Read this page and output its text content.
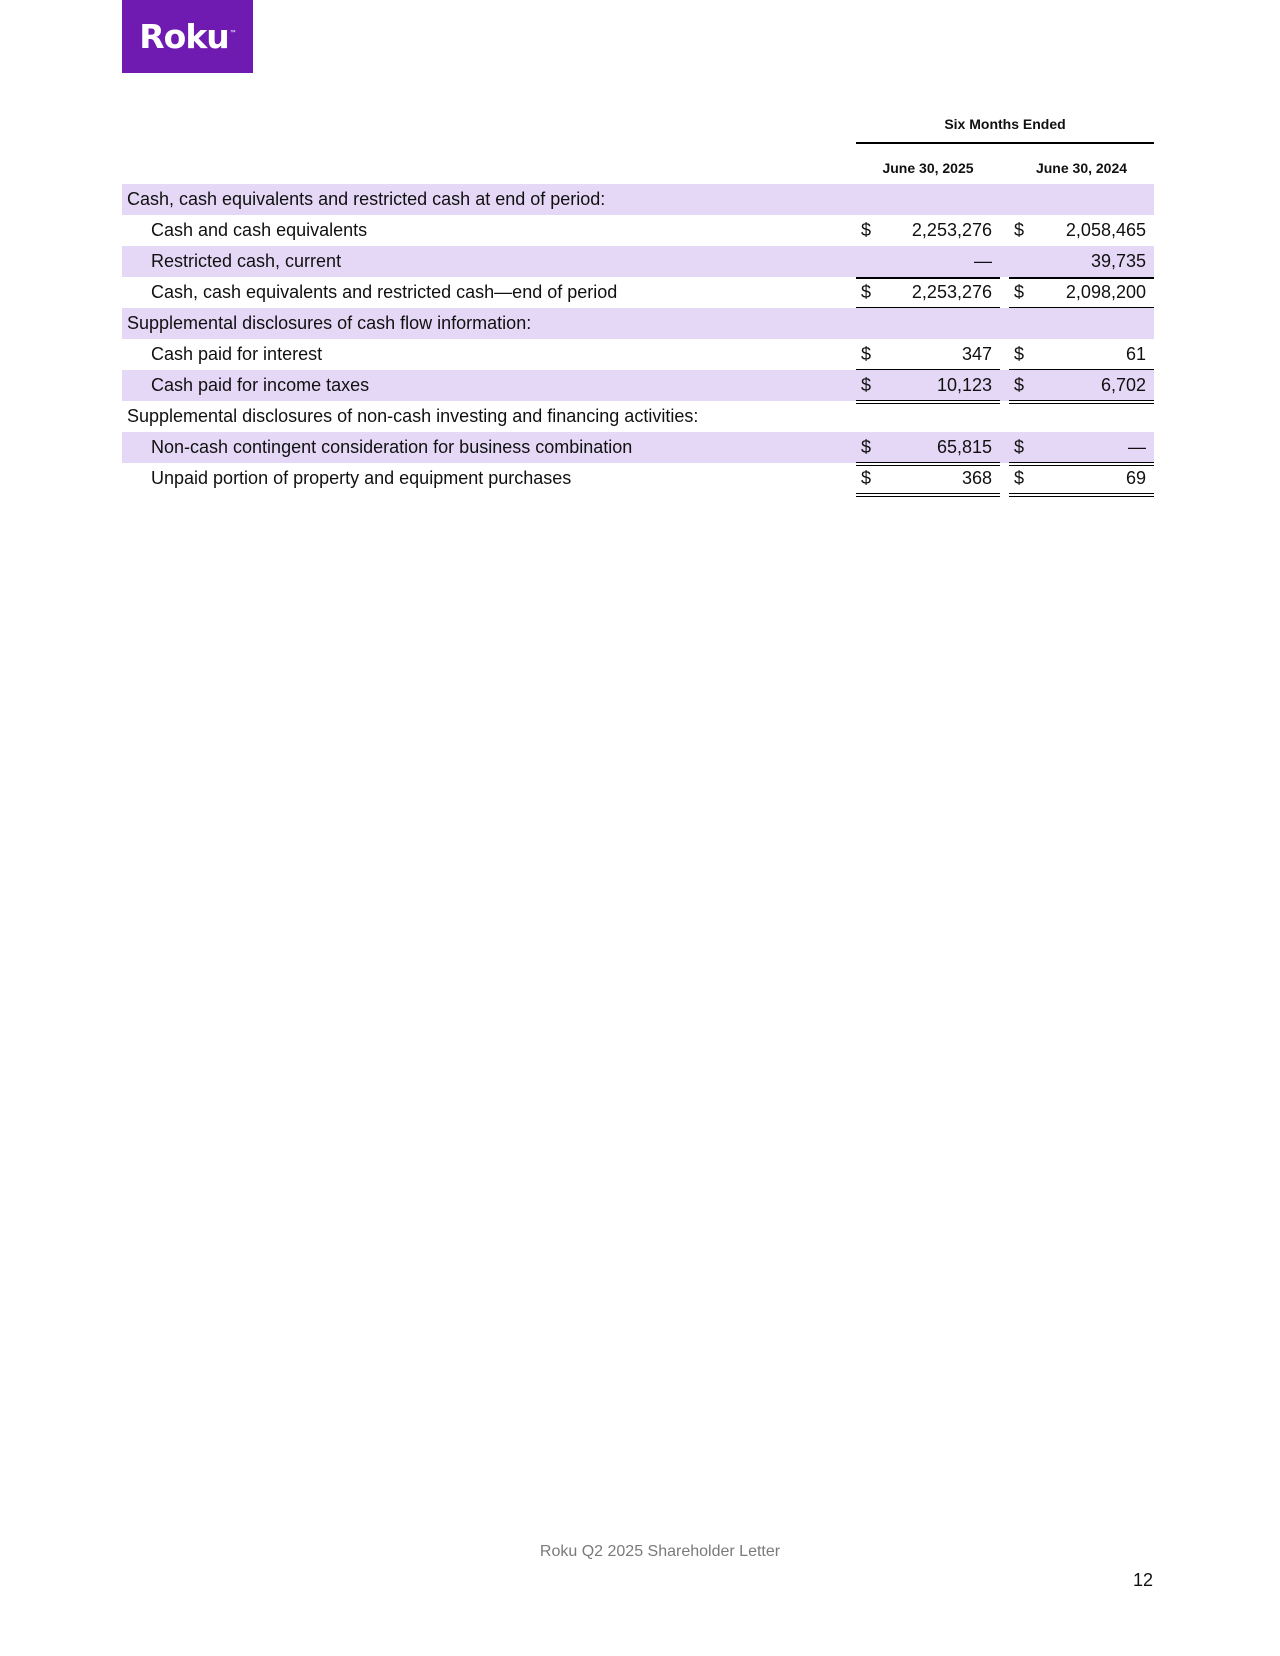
Roku ™
Six Months Ended
June 30, 2025	June 30, 2024
Cash, cash equivalents and restricted cash at end of period:
Cash and cash equivalents	$ 2,253,276 $ 2,058,465
Restricted cash, current	—	39,735
Cash, cash equivalents and restricted cash—end of period	$ 2,253,276 $ 2,098,200
Supplemental disclosures of cash flow information:
Cash paid for interest	$	347 $	61
Cash paid for income taxes	$	10,123 $	6,702
Supplemental disclosures of non-cash investing and financing activities:
Non-cash contingent consideration for business combination	$	65,815 $	—
Unpaid portion of property and equipment purchases	$	368 $	69
Roku Q2 2025 Shareholder Letter
12
